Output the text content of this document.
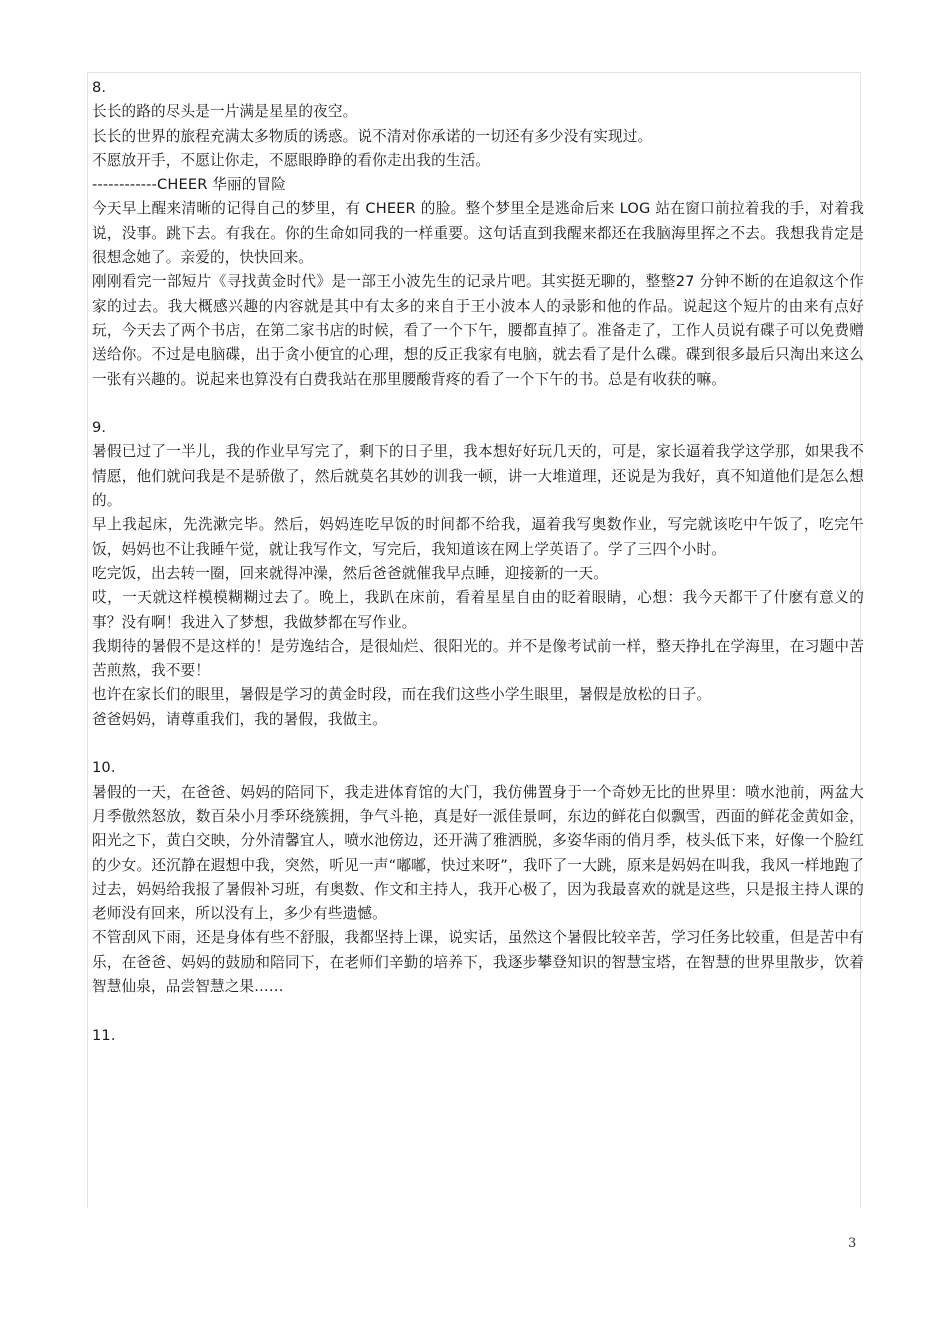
8.

长长的路的尽头是一片满是星星的夜空。

长长的世界的旅程充满太多物质的诱惑。说不清对你承诺的一切还有多少没有实现过。

不愿放开手，不愿让你走，不愿眼睁睁的看你走出我的生活。

------------CHEER 华丽的冒险

今天早上醒来清晰的记得自己的梦里，有 CHEER 的脸。整个梦里全是逃命后来 LOG 站在窗口前拉着我的手，对着我说，没事。跳下去。有我在。你的生命如同我的一样重要。这句话直到我醒来都还在我脑海里挥之不去。我想我肯定是很想念她了。亲爱的，快快回来。

刚刚看完一部短片《寻找黄金时代》是一部王小波先生的记录片吧。其实挺无聊的，整整27 分钟不断的在追叙这个作家的过去。我大概感兴趣的内容就是其中有太多的来自于王小波本人的录影和他的作品。说起这个短片的由来有点好玩，今天去了两个书店，在第二家书店的时候，看了一个下午，腰都直掉了。准备走了，工作人员说有碟子可以免费赠送给你。不过是电脑碟，出于贪小便宜的心理，想的反正我家有电脑，就去看了是什么碟。碟到很多最后只淘出来这么一张有兴趣的。说起来也算没有白费我站在那里腰酸背疼的看了一个下午的书。总是有收获的嘛。

9.

暑假已过了一半儿，我的作业早写完了，剩下的日子里，我本想好好玩几天的，可是，家长逼着我学这学那，如果我不情愿，他们就问我是不是骄傲了，然后就莫名其妙的训我一顿，讲一大堆道理，还说是为我好，真不知道他们是怎么想的。

早上我起床，先洗漱完毕。然后，妈妈连吃早饭的时间都不给我，逼着我写奥数作业，写完就该吃中午饭了，吃完午饭，妈妈也不让我睡午觉，就让我写作文，写完后，我知道该在网上学英语了。学了三四个小时。

吃完饭，出去转一圈，回来就得冲澡，然后爸爸就催我早点睡，迎接新的一天。

哎，一天就这样模模糊糊过去了。晚上，我趴在床前，看着星星自由的眨着眼睛，心想：我今天都干了什麽有意义的事？没有啊！我进入了梦想，我做梦都在写作业。

我期待的暑假不是这样的！是劳逸结合，是很灿烂、很阳光的。并不是像考试前一样，整天挣扎在学海里，在习题中苦苦煎熬，我不要！

也许在家长们的眼里，暑假是学习的黄金时段，而在我们这些小学生眼里，暑假是放松的日子。

爸爸妈妈，请尊重我们，我的暑假，我做主。

10.

暑假的一天，在爸爸、妈妈的陪同下，我走进体育馆的大门，我仿佛置身于一个奇妙无比的世界里：喷水池前，两盆大月季傲然怒放，数百朵小月季环绕簇拥，争气斗艳，真是好一派佳景呵，东边的鲜花白似飘雪，西面的鲜花金黄如金，阳光之下，黄白交映，分外清馨宜人，喷水池傍边，还开满了雅洒脱，多姿华雨的俏月季，枝头低下来，好像一个脸红的少女。还沉静在遐想中我，突然，听见一声“嘟嘟，快过来呀”，我吓了一大跳，原来是妈妈在叫我，我风一样地跑了过去，妈妈给我报了暑假补习班，有奥数、作文和主持人，我开心极了，因为我最喜欢的就是这些，只是报主持人课的老师没有回来，所以没有上，多少有些遗憾。

不管刮风下雨，还是身体有些不舒服，我都坚持上课，说实话，虽然这个暑假比较辛苦，学习任务比较重，但是苦中有乐，在爸爸、妈妈的鼓励和陪同下，在老师们辛勤的培养下，我逐步攀登知识的智慧宝塔，在智慧的世界里散步，饮着智慧仙泉，品尝智慧之果……

11.

3
